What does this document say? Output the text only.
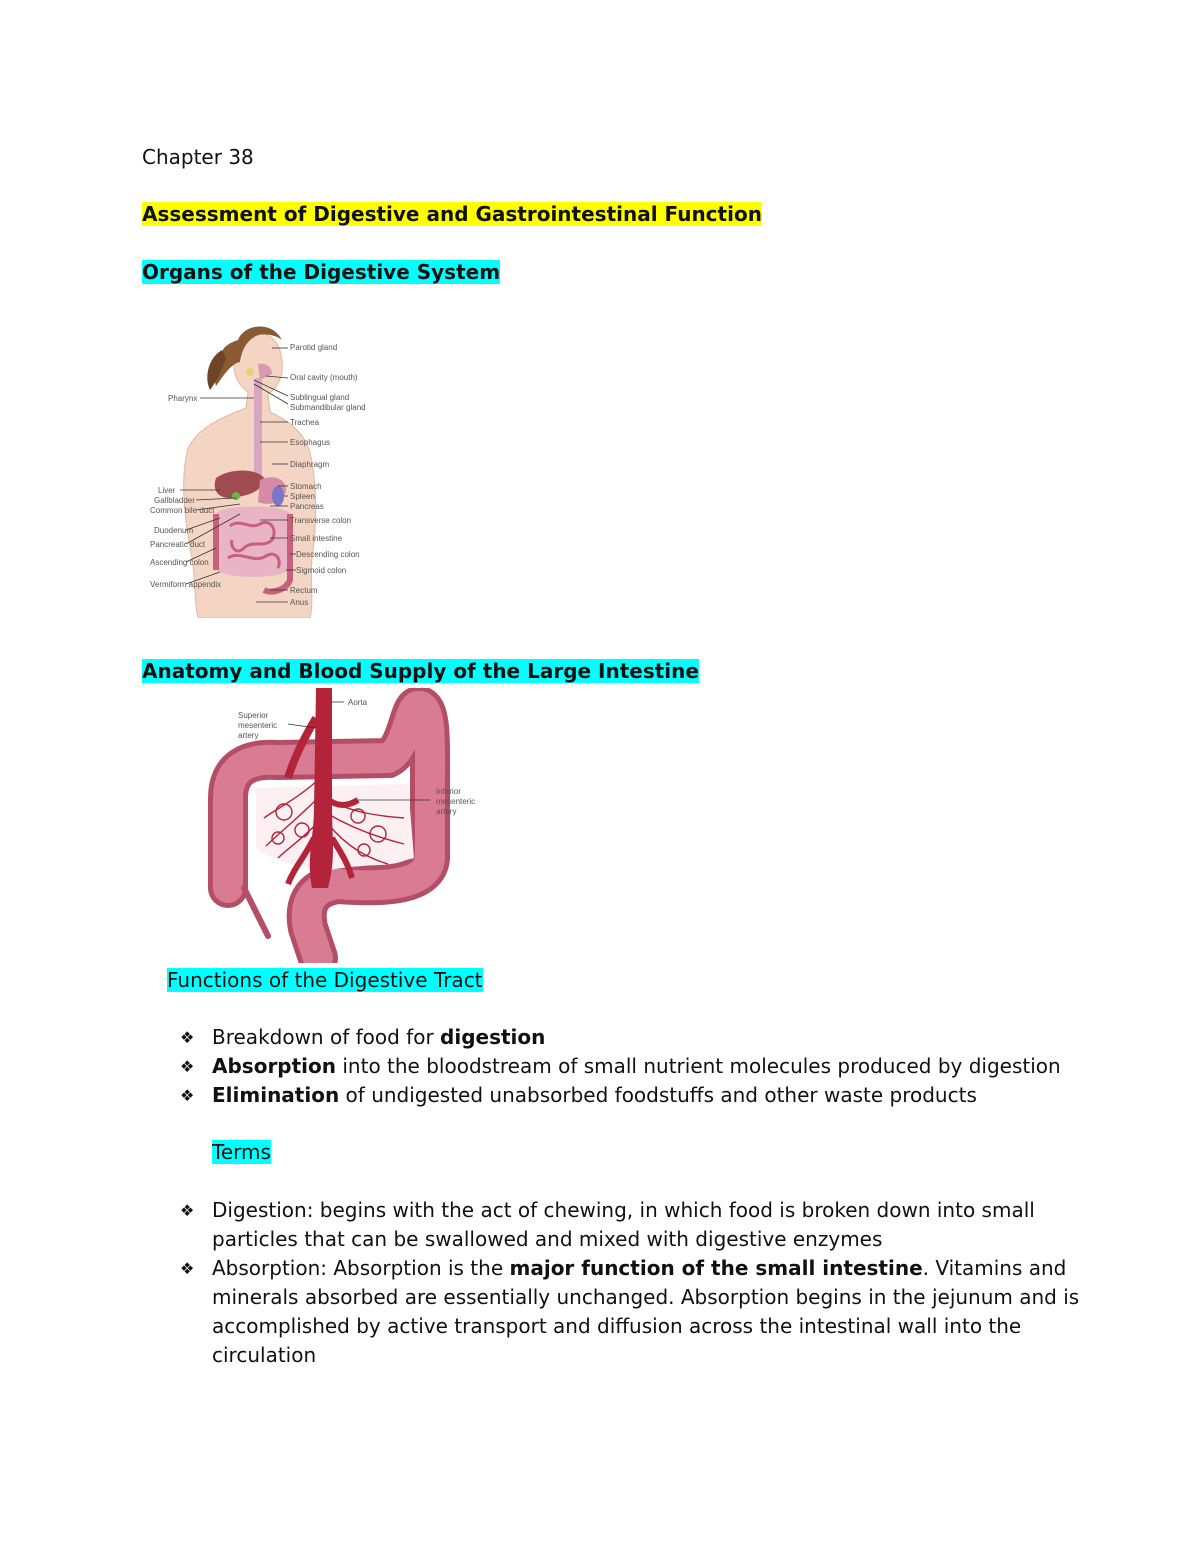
Chapter 38
Assessment of Digestive and Gastrointestinal Function
Organs of the Digestive System
Parotid gland
Oral cavity (mouth)
Sublingual gland
Submandibular gland
Trachea
Esophagus
Diaphragm
Stomach
Spleen
Pancreas
Transverse colon
Small intestine
Descending colon
Sigmoid colon
Rectum
Anus
Pharynx
Liver
Gallbladder
Common bile duct
Duodenum
Pancreatic duct
Ascending colon
Vermiform appendix
Anatomy and Blood Supply of the Large Intestine
Aorta
Superior
mesenteric
artery
Inferior
mesenteric
artery
Functions of the Digestive Tract
❖ Breakdown of food for digestion
❖ Absorption into the bloodstream of small nutrient molecules produced by digestion
❖ Elimination of undigested unabsorbed foodstuffs and other waste products
Terms
❖ Digestion: begins with the act of chewing, in which food is broken down into small
particles that can be swallowed and mixed with digestive enzymes
❖ Absorption: Absorption is the major function of the small intestine. Vitamins and
minerals absorbed are essentially unchanged. Absorption begins in the jejunum and is
accomplished by active transport and diffusion across the intestinal wall into the
circulation
